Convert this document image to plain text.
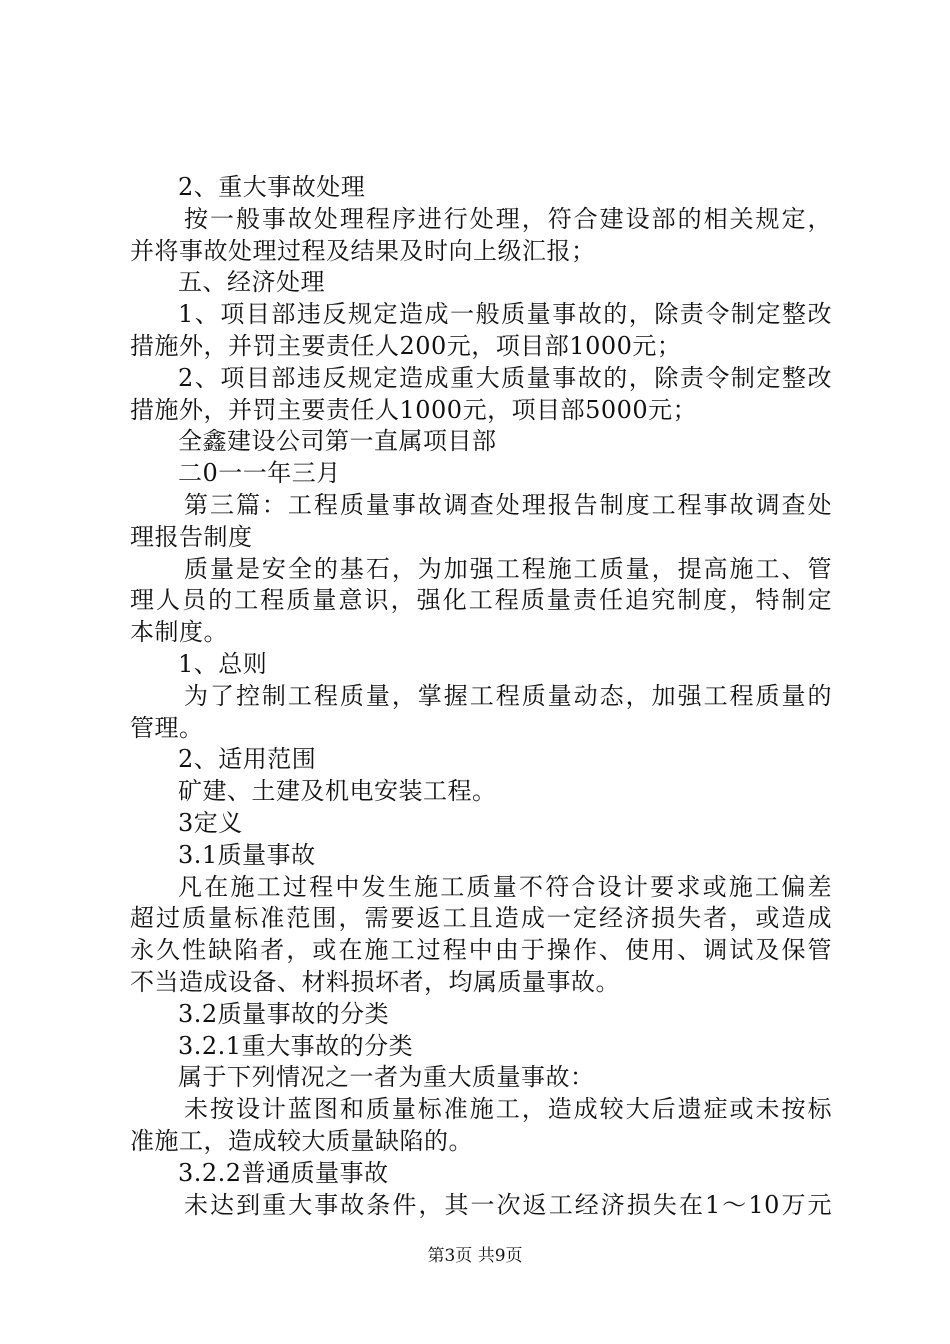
2、重大事故处理
按一般事故处理程序进行处理，符合建设部的相关规定，
并将事故处理过程及结果及时向上级汇报；
五、经济处理
1、项目部违反规定造成一般质量事故的，除责令制定整改
措施外，并罚主要责任人200元，项目部1000元；
2、项目部违反规定造成重大质量事故的，除责令制定整改
措施外，并罚主要责任人1000元，项目部5000元；
全鑫建设公司第一直属项目部
二0一一年三月
第三篇：工程质量事故调查处理报告制度工程事故调查处
理报告制度
质量是安全的基石，为加强工程施工质量，提高施工、管
理人员的工程质量意识，强化工程质量责任追究制度，特制定
本制度。
1、总则
为了控制工程质量，掌握工程质量动态，加强工程质量的
管理。
2、适用范围
矿建、土建及机电安装工程。
3定义
3.1质量事故
凡在施工过程中发生施工质量不符合设计要求或施工偏差
超过质量标准范围，需要返工且造成一定经济损失者，或造成
永久性缺陷者，或在施工过程中由于操作、使用、调试及保管
不当造成设备、材料损坏者，均属质量事故。
3.2质量事故的分类
3.2.1重大事故的分类
属于下列情况之一者为重大质量事故：
未按设计蓝图和质量标准施工，造成较大后遗症或未按标
准施工，造成较大质量缺陷的。
3.2.2普通质量事故
未达到重大事故条件，其一次返工经济损失在1～10万元
第3页 共9页
